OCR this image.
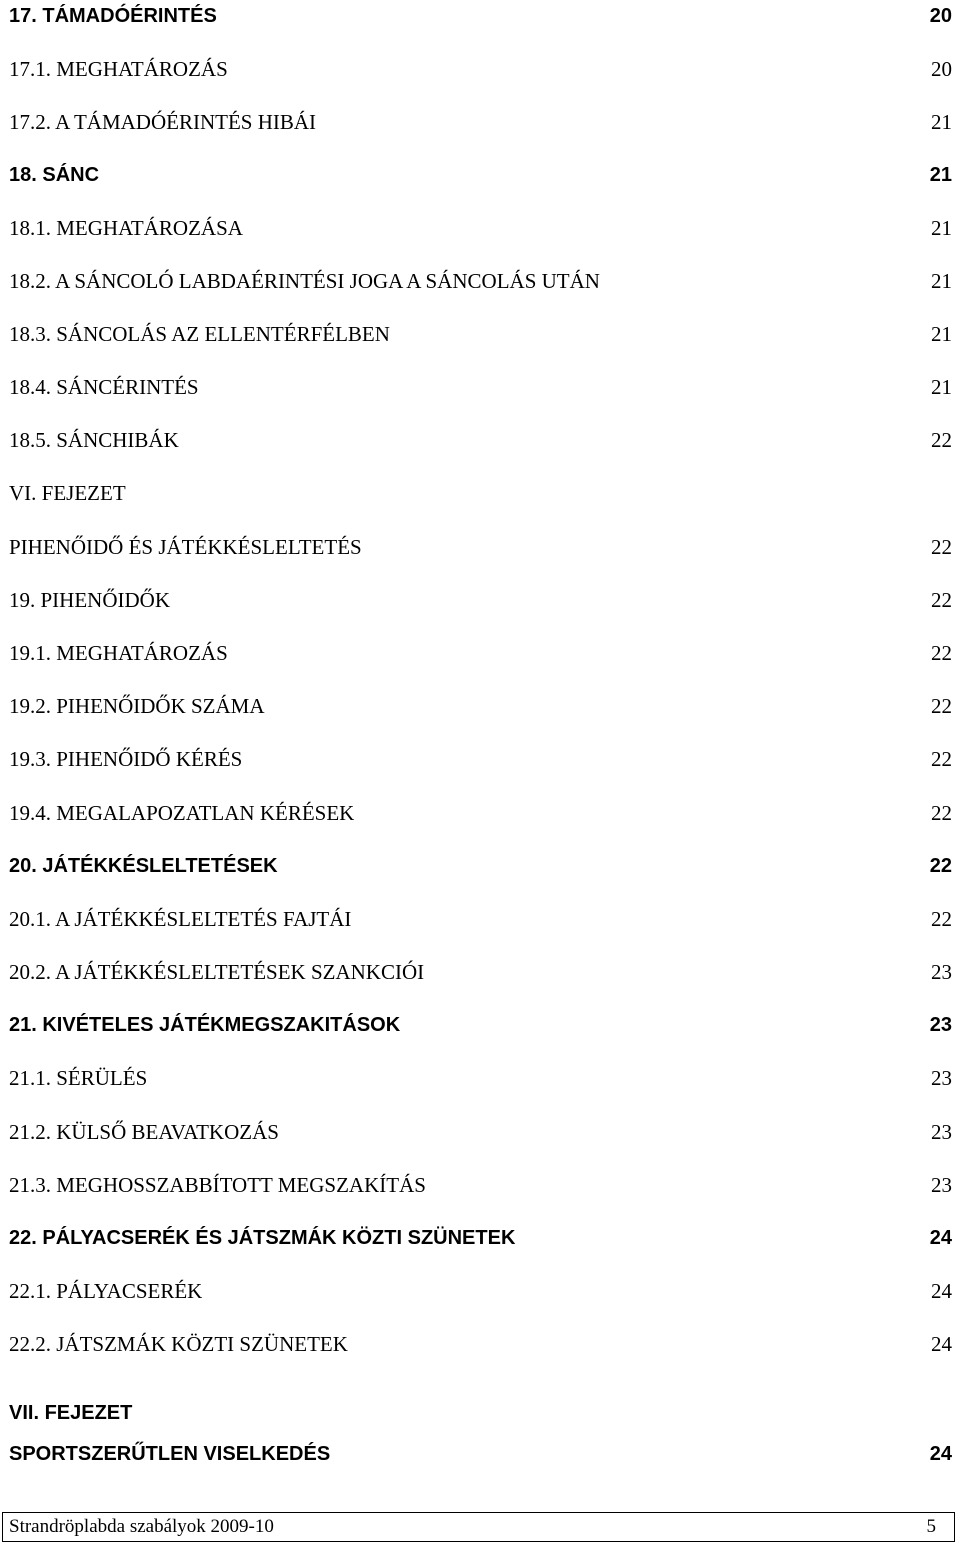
17. TÁMADÓÉRINTÉS	20
17.1. MEGHATÁROZÁS	20
17.2. A TÁMADÓÉRINTÉS HIBÁI	21
18. SÁNC	21
18.1. MEGHATÁROZÁSA	21
18.2. A SÁNCOLÓ LABDAÉRINTÉSI JOGA A SÁNCOLÁS UTÁN	21
18.3. SÁNCOLÁS AZ ELLENTÉRFÉLBEN	21
18.4. SÁNCÉRINTÉS	21
18.5. SÁNCHIBÁK	22
VI. FEJEZET
PIHENŐIDŐ ÉS JÁTÉKKÉSLELTETÉS	22
19. PIHENŐIDŐK	22
19.1. MEGHATÁROZÁS	22
19.2. PIHENŐIDŐK SZÁMA	22
19.3. PIHENŐIDŐ KÉRÉS	22
19.4. MEGALAPOZATLAN KÉRÉSEK	22
20. JÁTÉKKÉSLELTETÉSEK	22
20.1. A JÁTÉKKÉSLELTETÉS FAJTÁI	22
20.2. A JÁTÉKKÉSLELTETÉSEK SZANKCIÓI	23
21. KIVÉTELES JÁTÉKMEGSZAKITÁSOK	23
21.1. SÉRÜLÉS	23
21.2. KÜLSŐ BEAVATKOZÁS	23
21.3. MEGHOSSZABBÍTOTT MEGSZAKÍTÁS	23
22. PÁLYACSERÉK ÉS JÁTSZMÁK KÖZTI SZÜNETEK	24
22.1. PÁLYACSERÉK	24
22.2. JÁTSZMÁK KÖZTI SZÜNETEK	24
VII. FEJEZET
SPORTSZERŰTLEN VISELKEDÉS	24
Strandröplabda szabályok 2009-10	5
